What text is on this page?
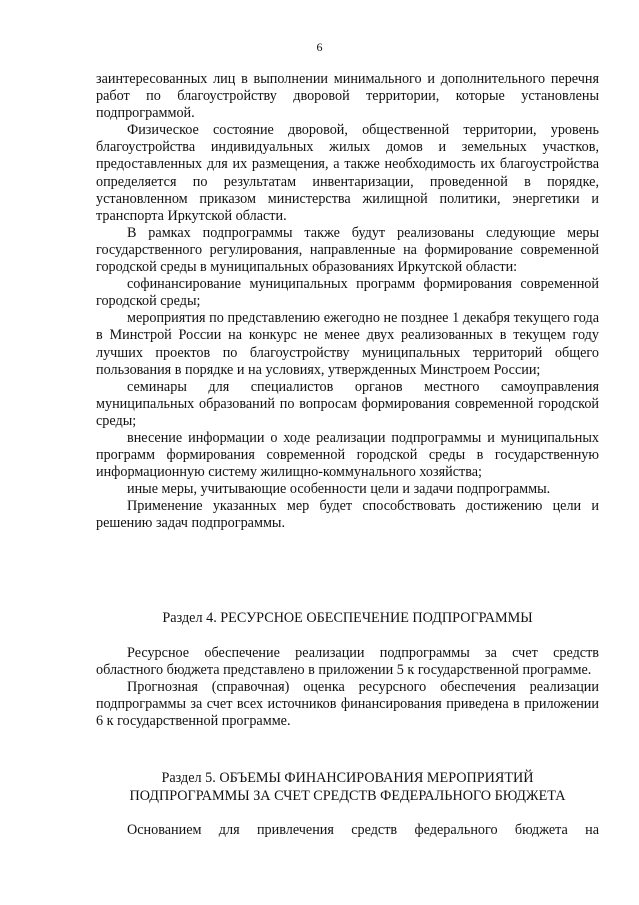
6

заинтересованных лиц в выполнении минимального и дополнительного перечня работ по благоустройству дворовой территории, которые установлены подпрограммой.

Физическое состояние дворовой, общественной территории, уровень благоустройства индивидуальных жилых домов и земельных участков, предоставленных для их размещения, а также необходимость их благоустройства определяется по результатам инвентаризации, проведенной в порядке, установленном приказом министерства жилищной политики, энергетики и транспорта Иркутской области.

В рамках подпрограммы также будут реализованы следующие меры государственного регулирования, направленные на формирование современной городской среды в муниципальных образованиях Иркутской области:

софинансирование муниципальных программ формирования современной городской среды;

мероприятия по представлению ежегодно не позднее 1 декабря текущего года в Минстрой России на конкурс не менее двух реализованных в текущем году лучших проектов по благоустройству муниципальных территорий общего пользования в порядке и на условиях, утвержденных Минстроем России;

семинары для специалистов органов местного самоуправления муниципальных образований по вопросам формирования современной городской среды;

внесение информации о ходе реализации подпрограммы и муниципальных программ формирования современной городской среды в государственную информационную систему жилищно-коммунального хозяйства;

иные меры, учитывающие особенности цели и задачи подпрограммы.

Применение указанных мер будет способствовать достижению цели и решению задач подпрограммы.

Раздел 4. РЕСУРСНОЕ ОБЕСПЕЧЕНИЕ ПОДПРОГРАММЫ

Ресурсное обеспечение реализации подпрограммы за счет средств областного бюджета представлено в приложении 5 к государственной программе.

Прогнозная (справочная) оценка ресурсного обеспечения реализации подпрограммы за счет всех источников финансирования приведена в приложении 6 к государственной программе.

Раздел 5. ОБЪЕМЫ ФИНАНСИРОВАНИЯ МЕРОПРИЯТИЙ

ПОДПРОГРАММЫ ЗА СЧЕТ СРЕДСТВ ФЕДЕРАЛЬНОГО БЮДЖЕТА

Основанием для привлечения средств федерального бюджета на
